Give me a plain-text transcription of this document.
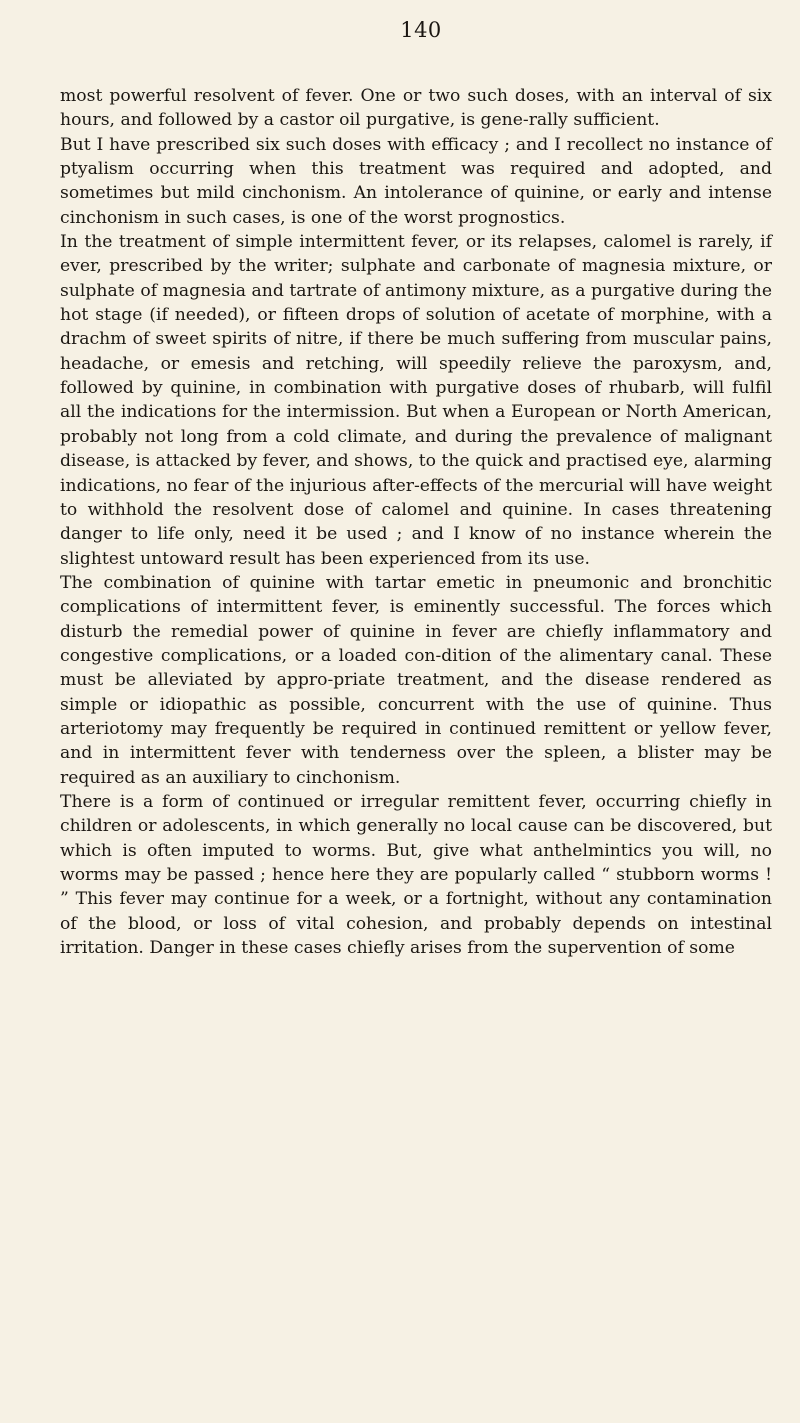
140

most powerful resolvent of fever. One or two such doses, with an interval of six hours, and followed by a castor oil purgative, is gene-rally sufficient.

But I have prescribed six such doses with efficacy ; and I recollect no instance of ptyalism occurring when this treatment was required and adopted, and sometimes but mild cinchonism. An intolerance of quinine, or early and intense cinchonism in such cases, is one of the worst prognostics.

In the treatment of simple intermittent fever, or its relapses, calomel is rarely, if ever, prescribed by the writer; sulphate and carbonate of magnesia mixture, or sulphate of magnesia and tartrate of antimony mixture, as a purgative during the hot stage (if needed), or fifteen drops of solution of acetate of morphine, with a drachm of sweet spirits of nitre, if there be much suffering from muscular pains, headache, or emesis and retching, will speedily relieve the paroxysm, and, followed by quinine, in combination with purgative doses of rhubarb, will fulfil all the indications for the intermission. But when a European or North American, probably not long from a cold climate, and during the prevalence of malignant disease, is attacked by fever, and shows, to the quick and practised eye, alarming indications, no fear of the injurious after-effects of the mercurial will have weight to withhold the resolvent dose of calomel and quinine. In cases threatening danger to life only, need it be used ; and I know of no instance wherein the slightest untoward result has been experienced from its use.

The combination of quinine with tartar emetic in pneumonic and bronchitic complications of intermittent fever, is eminently successful. The forces which disturb the remedial power of quinine in fever are chiefly inflammatory and congestive complications, or a loaded con-dition of the alimentary canal. These must be alleviated by appro-priate treatment, and the disease rendered as simple or idiopathic as possible, concurrent with the use of quinine. Thus arteriotomy may frequently be required in continued remittent or yellow fever, and in intermittent fever with tenderness over the spleen, a blister may be required as an auxiliary to cinchonism.

There is a form of continued or irregular remittent fever, occurring chiefly in children or adolescents, in which generally no local cause can be discovered, but which is often imputed to worms. But, give what anthelmintics you will, no worms may be passed ; hence here they are popularly called “ stubborn worms ! ” This fever may continue for a week, or a fortnight, without any contamination of the blood, or loss of vital cohesion, and probably depends on intestinal irritation. Danger in these cases chiefly arises from the supervention of some
